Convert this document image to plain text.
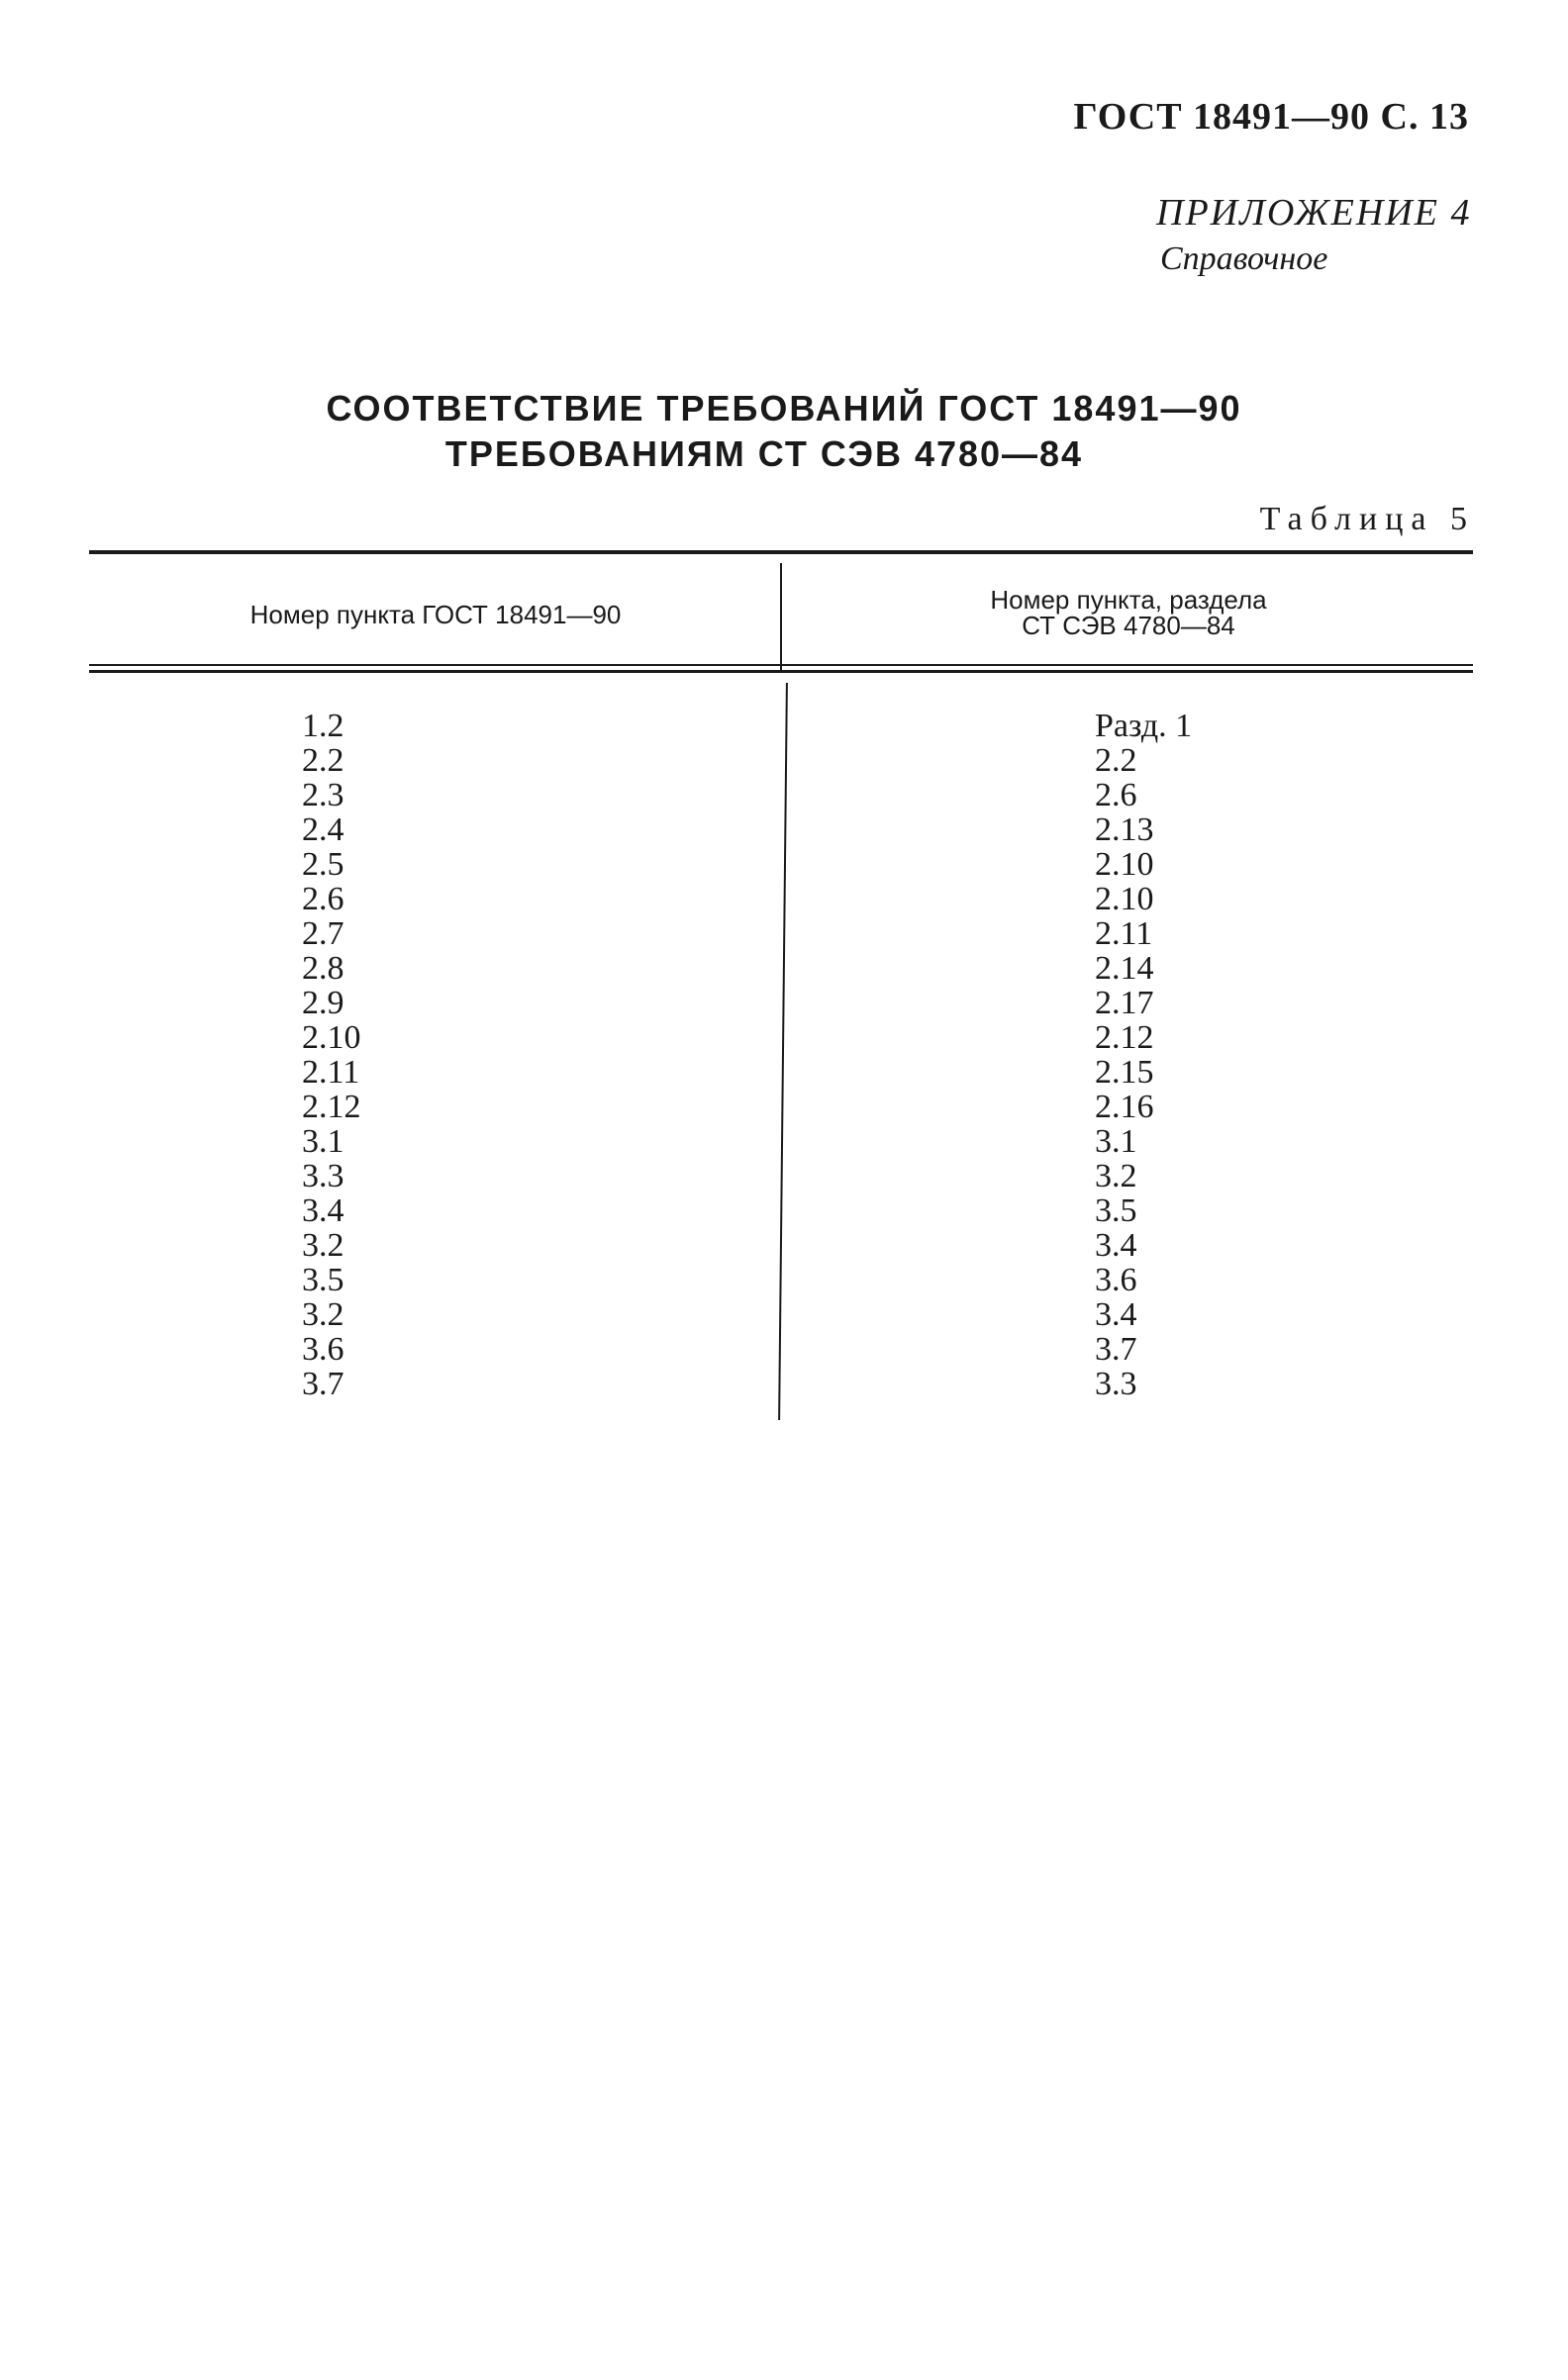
ГОСТ 18491—90 С. 13
ПРИЛОЖЕНИЕ 4
Справочное
СООТВЕТСТВИЕ ТРЕБОВАНИЙ ГОСТ 18491—90
ТРЕБОВАНИЯМ СТ СЭВ 4780—84
Таблица 5
Номер пункта ГОСТ 18491—90	Номер пункта, раздела
СТ СЭВ 4780—84
1.2
2.2
2.3
2.4
2.5
2.6
2.7
2.8
2.9
2.10
2.11
2.12
3.1
3.3
3.4
3.2
3.5
3.2
3.6
3.7
Разд. 1
2.2
2.6
2.13
2.10
2.10
2.11
2.14
2.17
2.12
2.15
2.16
3.1
3.2
3.5
3.4
3.6
3.4
3.7
3.3
